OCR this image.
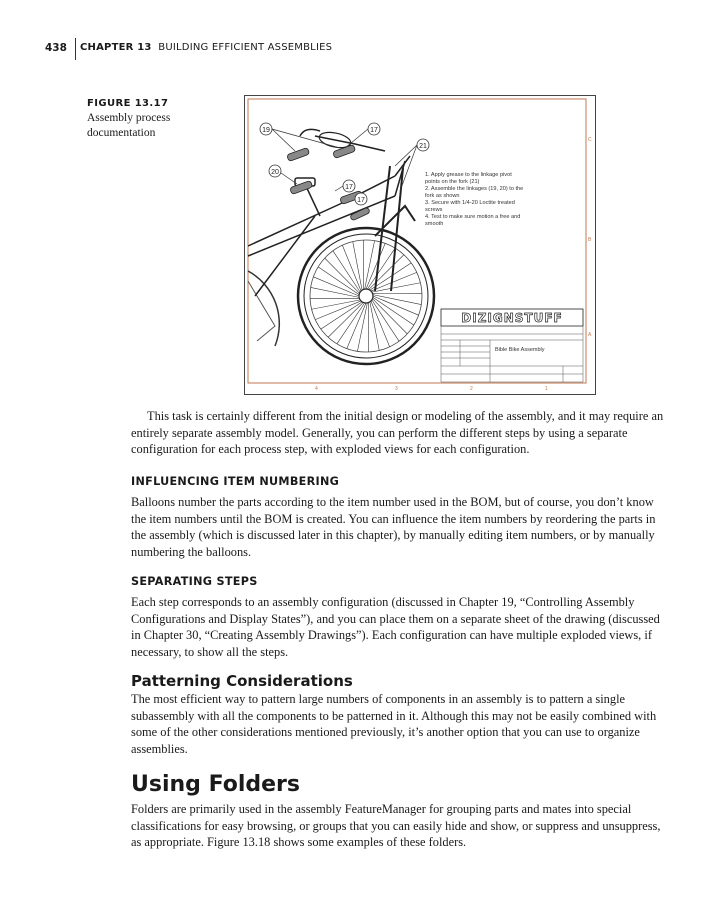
438 CHAPTER 13 BUILDING EFFICIENT ASSEMBLIES
FIGURE 13.17
Assembly process
documentation	19	17
21
20
17
17
1. Apply grease to the linkage pivot
points on the fork (21)
2. Assemble the linkages (19, 20) to the
fork as shown
3. Secure with 1/4-20 Loctite treated
screws
4. Test to make sure motion a free and
smooth
C
B
A
4	3	2	1
DIZIGNSTUFF
Bible Bike Assembly

This task is certainly different from the initial design or modeling of the assembly, and it may require an entirely separate assembly model. Generally, you can perform the different steps by using a separate configuration for each process step, with exploded views for each configuration.

INFLUENCING ITEM NUMBERING

Balloons number the parts according to the item number used in the BOM, but of course, you don’t know the item numbers until the BOM is created. You can influence the item numbers by reordering the parts in the assembly (which is discussed later in this chapter), by manually editing item numbers, or by manually numbering the balloons.

SEPARATING STEPS

Each step corresponds to an assembly configuration (discussed in Chapter 19, “Controlling Assembly Configurations and Display States”), and you can place them on a separate sheet of the drawing (discussed in Chapter 30, “Creating Assembly Drawings”). Each configuration can have multiple exploded views, if necessary, to show all the steps.

Patterning Considerations

The most efficient way to pattern large numbers of components in an assembly is to pattern a single subassembly with all the components to be patterned in it. Although this may not be easily combined with some of the other considerations mentioned previously, it’s another option that you can use to organize assemblies.

Using Folders

Folders are primarily used in the assembly FeatureManager for grouping parts and mates into special classifications for easy browsing, or groups that you can easily hide and show, or suppress and unsuppress, as appropriate. Figure 13.18 shows some examples of these folders.
